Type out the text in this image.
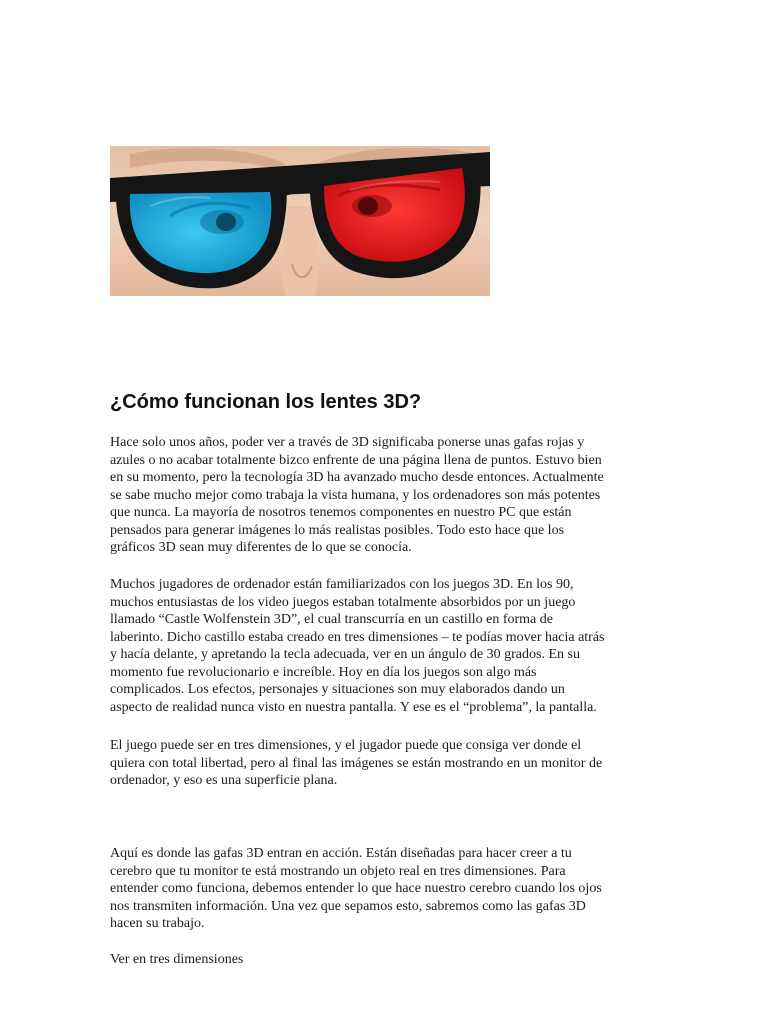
¿Cómo funcionan los lentes 3D?
Hace solo unos años, poder ver a través de 3D significaba ponerse unas gafas rojas y
azules o no acabar totalmente bizco enfrente de una página llena de puntos. Estuvo bien
en su momento, pero la tecnología 3D ha avanzado mucho desde entonces. Actualmente
se sabe mucho mejor como trabaja la vista humana, y los ordenadores son más potentes
que nunca. La mayoría de nosotros tenemos componentes en nuestro PC que están
pensados para generar imágenes lo más realistas posibles. Todo esto hace que los
gráficos 3D sean muy diferentes de lo que se conocía.
Muchos jugadores de ordenador están familiarizados con los juegos 3D. En los 90,
muchos entusiastas de los video juegos estaban totalmente absorbidos por un juego
llamado “Castle Wolfenstein 3D”, el cual transcurría en un castillo en forma de
laberinto. Dicho castillo estaba creado en tres dimensiones – te podías mover hacia atrás
y hacía delante, y apretando la tecla adecuada, ver en un ángulo de 30 grados. En su
momento fue revolucionario e increíble. Hoy en día los juegos son algo más
complicados. Los efectos, personajes y situaciones son muy elaborados dando un
aspecto de realidad nunca visto en nuestra pantalla. Y ese es el “problema”, la pantalla.
El juego puede ser en tres dimensiones, y el jugador puede que consiga ver donde el
quiera con total libertad, pero al final las imágenes se están mostrando en un monitor de
ordenador, y eso es una superficie plana.
Aquí es donde las gafas 3D entran en acción. Están diseñadas para hacer creer a tu
cerebro que tu monitor te está mostrando un objeto real en tres dimensiones. Para
entender como funciona, debemos entender lo que hace nuestro cerebro cuando los ojos
nos transmiten información. Una vez que sepamos esto, sabremos como las gafas 3D
hacen su trabajo.
Ver en tres dimensiones
